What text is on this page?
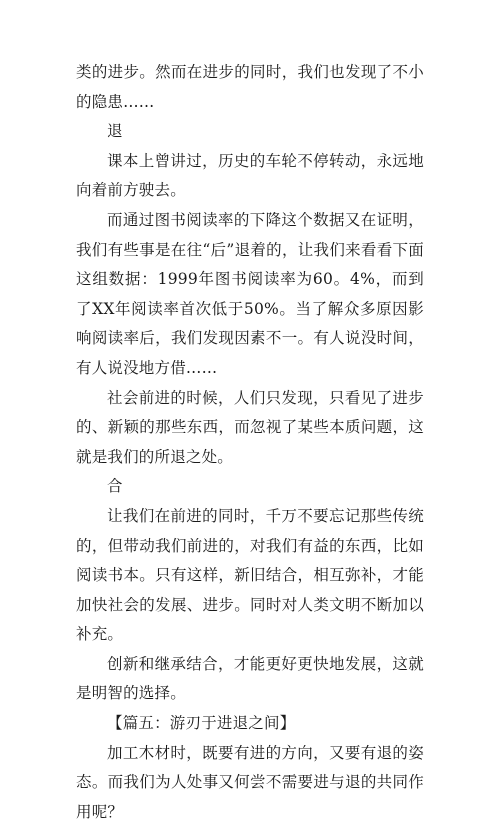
类的进步。然而在进步的同时，我们也发现了不小的隐患……

退

课本上曾讲过，历史的车轮不停转动，永远地向着前方驶去。

而通过图书阅读率的下降这个数据又在证明，我们有些事是在往“后”退着的，让我们来看看下面这组数据：1999年图书阅读率为60。4%，而到了XX年阅读率首次低于50%。当了解众多原因影响阅读率后，我们发现因素不一。有人说没时间，有人说没地方借……

社会前进的时候，人们只发现，只看见了进步的、新颖的那些东西，而忽视了某些本质问题，这就是我们的所退之处。

合

让我们在前进的同时，千万不要忘记那些传统的，但带动我们前进的，对我们有益的东西，比如阅读书本。只有这样，新旧结合，相互弥补，才能加快社会的发展、进步。同时对人类文明不断加以补充。

创新和继承结合，才能更好更快地发展，这就是明智的选择。

【篇五：游刃于进退之间】

加工木材时，既要有进的方向，又要有退的姿态。而我们为人处事又何尝不需要进与退的共同作用呢？
